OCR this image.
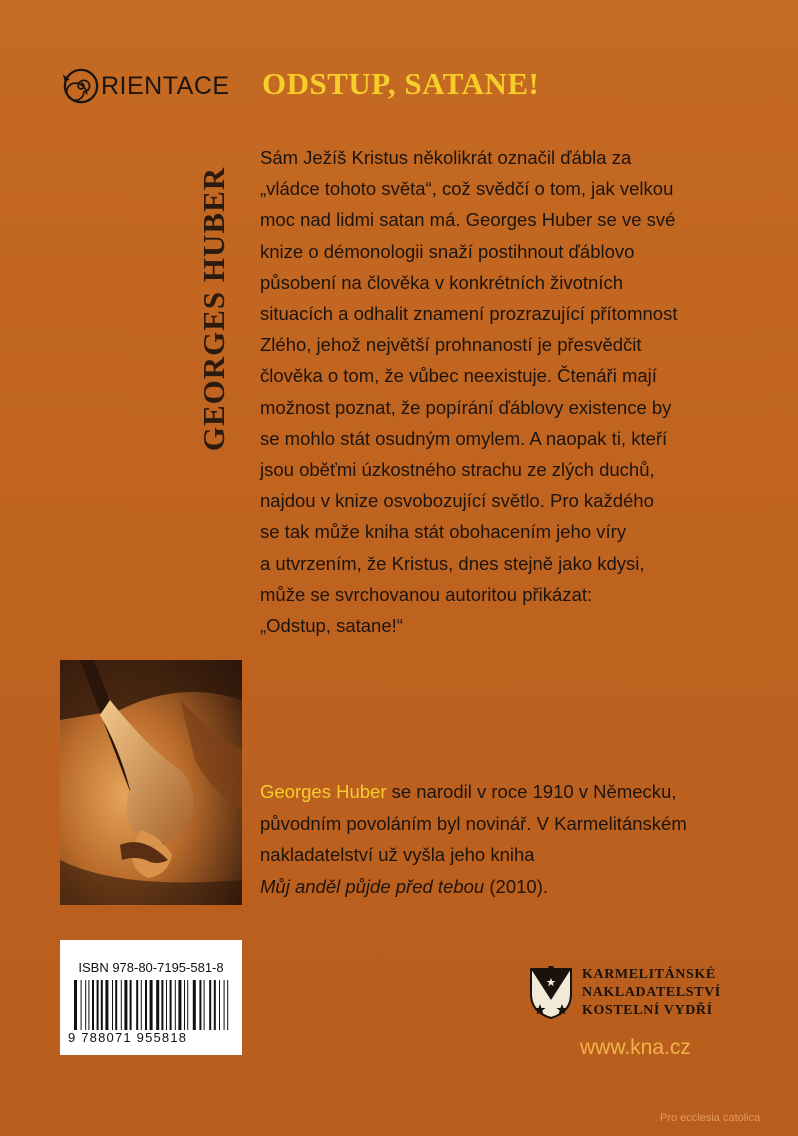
RIENTACE ODSTUP, SATANE!
GEORGES HUBER
Sám Ježíš Kristus několikrát označil ďábla za
„vládce tohoto světa“, což svědčí o tom, jak velkou
moc nad lidmi satan má. Georges Huber se ve své
knize o démonologii snaží postihnout ďáblovo
působení na člověka v konkrétních životních
situacích a odhalit znamení prozrazující přítomnost
Zlého, jehož největší prohnaností je přesvědčit
člověka o tom, že vůbec neexistuje. Čtenáři mají
možnost poznat, že popírání ďáblovy existence by
se mohlo stát osudným omylem. A naopak ti, kteří
jsou oběťmi úzkostného strachu ze zlých duchů,
najdou v knize osvobozující světlo. Pro každého
se tak může kniha stát obohacením jeho víry
a utvrzením, že Kristus, dnes stejně jako kdysi,
může se svrchovanou autoritou přikázat:
„Odstup, satane!“
Georges Huber se narodil v roce 1910 v Německu,
původním povoláním byl novinář. V Karmelitánském
nakladatelství už vyšla jeho kniha
Můj anděl půjde před tebou (2010).
ISBN 978-80-7195-581-8
9 788071 955818
KARMELITÁNSKÉ
NAKLADATELSTVÍ
KOSTELNÍ VYDŘÍ
www.kna.cz
Pro ecclesia catolica
